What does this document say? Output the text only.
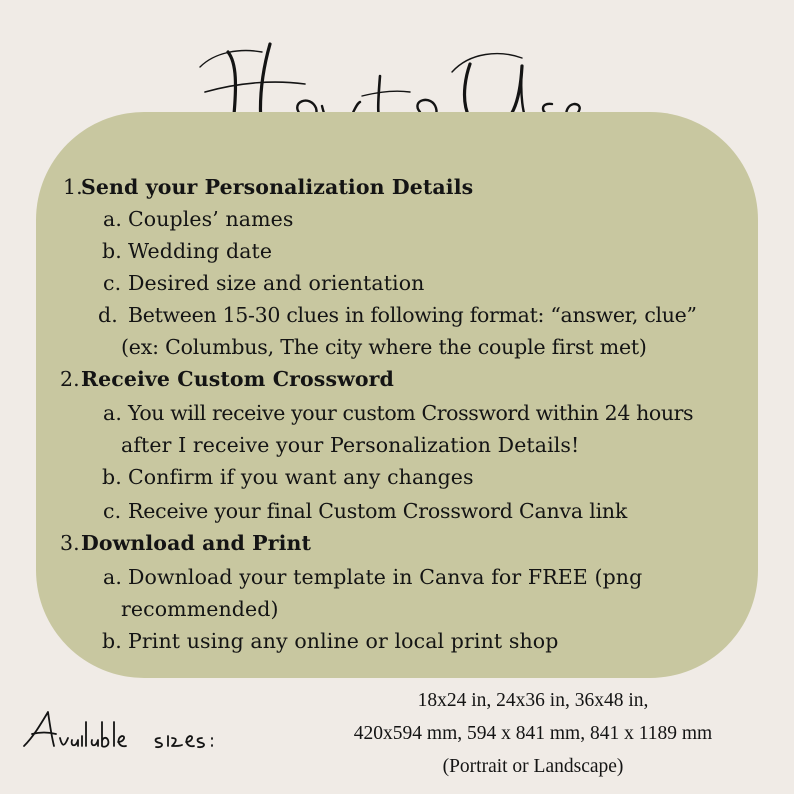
1.
Send your Personalization Details
a. Couples’ names
b. Wedding date
c. Desired size and orientation
d. Between 15-30 clues in following format: “answer, clue”
(ex: Columbus, The city where the couple first met)
2. Receive Custom Crossword
a. You will receive your custom Crossword within 24 hours
after I receive your Personalization Details!
b. Confirm if you want any changes
c. Receive your final Custom Crossword Canva link
3. Download and Print
a. Download your template in Canva for FREE (png
recommended)
b. Print using any online or local print shop
18x24 in, 24x36 in, 36x48 in,
420x594 mm, 594 x 841 mm, 841 x 1189 mm
(Portrait or Landscape)
